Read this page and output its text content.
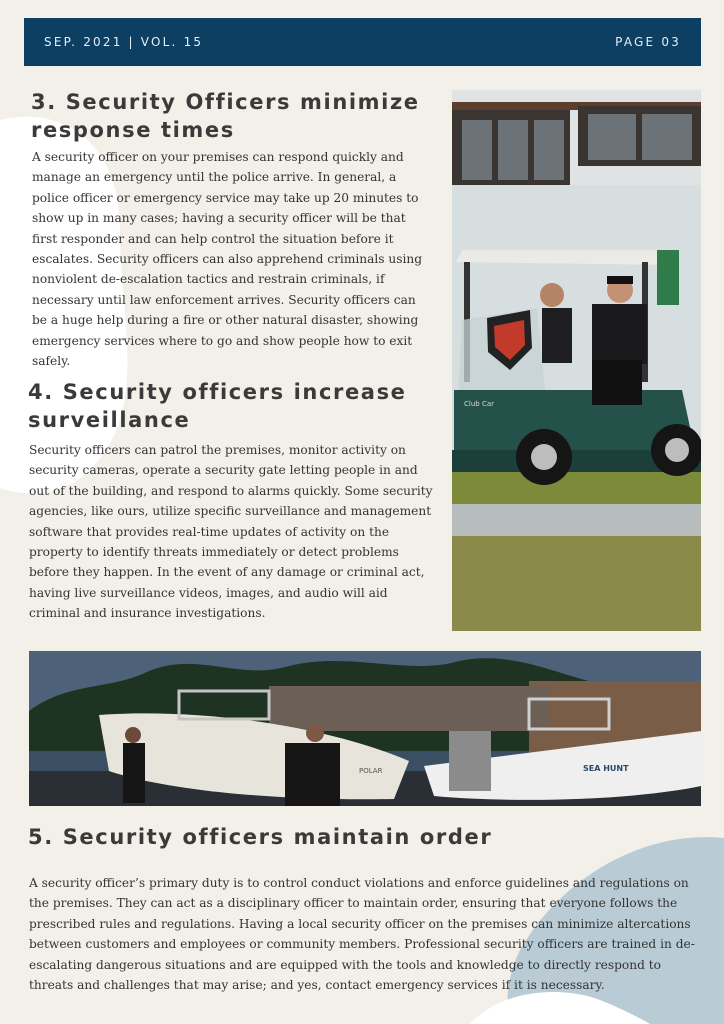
SEP. 2021 | VOL. 15	PAGE 03
3. Security Officers minimize response times

A security officer on your premises can respond quickly and manage an emergency until the police arrive. In general, a police officer or emergency service may take up 20 minutes to show up in many cases; having a security officer will be that first responder and can help control the situation before it escalates. Security officers can also apprehend criminals using nonviolent de-escalation tactics and restrain criminals, if necessary until law enforcement arrives. Security officers can be a huge help during a fire or other natural disaster, showing emergency services where to go and show people how to exit safely.

4. Security officers increase surveillance

Security officers can patrol the premises, monitor activity on security cameras, operate a security gate letting people in and out of the building, and respond to alarms quickly. Some security agencies, like ours, utilize specific surveillance and management software that provides real-time updates of activity on the property to identify threats immediately or detect problems before they happen. In the event of any damage or criminal act, having live surveillance videos, images, and audio will aid criminal and insurance investigations.

Club Car
SEA HUNT
POLAR
5. Security officers maintain order

A security officer’s primary duty is to control conduct violations and enforce guidelines and regulations on the premises. They can act as a disciplinary officer to maintain order, ensuring that everyone follows the prescribed rules and regulations. Having a local security officer on the premises can minimize altercations between customers and employees or community members. Professional security officers are trained in de-escalating dangerous situations and are equipped with the tools and knowledge to directly respond to threats and challenges that may arise; and yes, contact emergency services if it is necessary.
